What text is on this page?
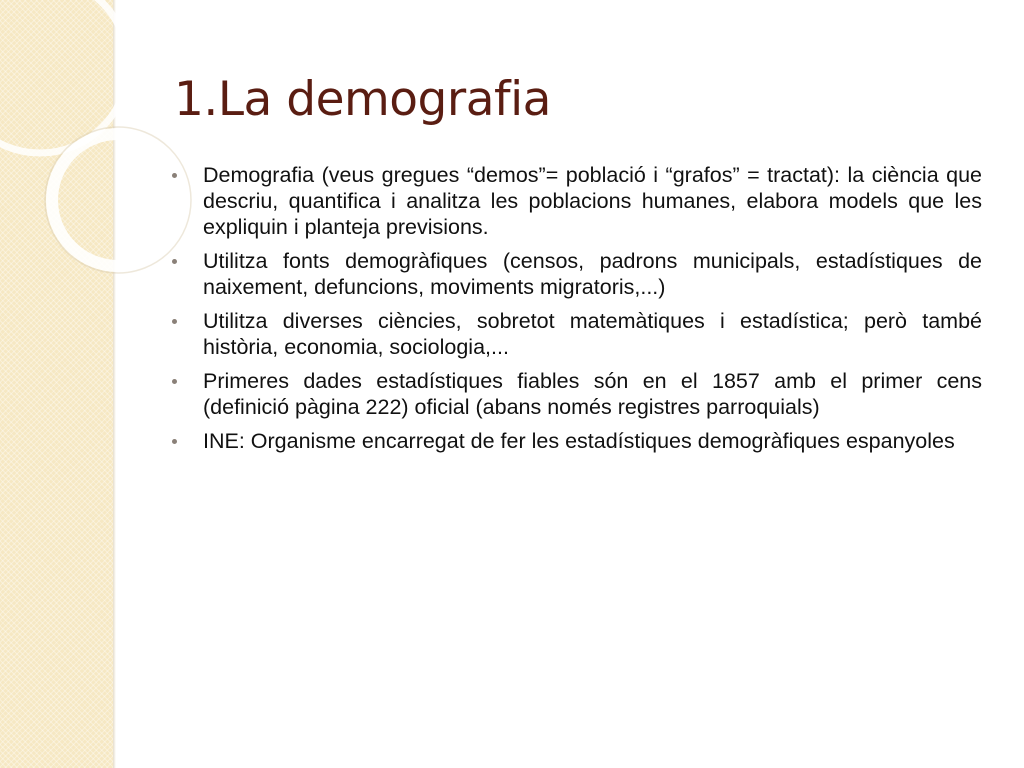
1.La demografia
Demografia (veus gregues “demos”= població i “grafos” = tractat): la ciència que descriu, quantifica i analitza les poblacions humanes, elabora models que les expliquin i planteja previsions.
Utilitza fonts demogràfiques (censos, padrons municipals, estadístiques de naixement, defuncions, moviments migratoris,...)
Utilitza diverses ciències, sobretot matemàtiques i estadística; però també història, economia, sociologia,...
Primeres dades estadístiques fiables són en el 1857 amb el primer cens (definició pàgina 222) oficial (abans només registres parroquials)
INE: Organisme encarregat de fer les estadístiques demogràfiques espanyoles
